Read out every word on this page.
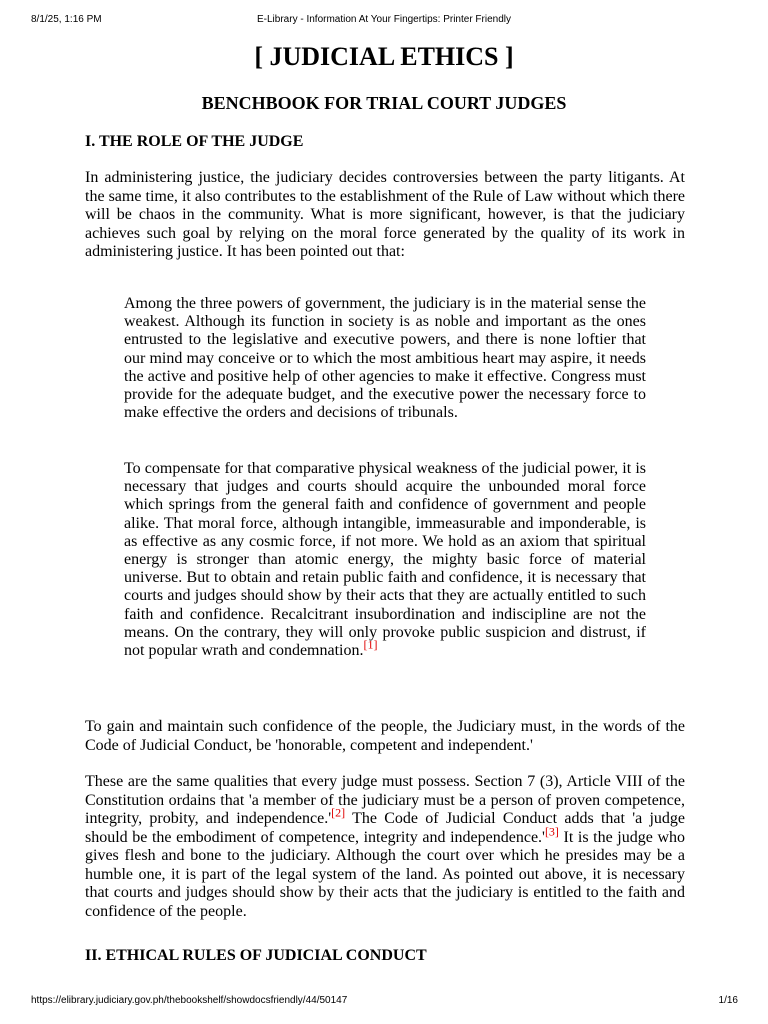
8/1/25, 1:16 PM	E-Library - Information At Your Fingertips: Printer Friendly
[ JUDICIAL ETHICS ]
BENCHBOOK FOR TRIAL COURT JUDGES
I. THE ROLE OF THE JUDGE

In administering justice, the judiciary decides controversies between the party litigants. At the same time, it also contributes to the establishment of the Rule of Law without which there will be chaos in the community. What is more significant, however, is that the judiciary achieves such goal by relying on the moral force generated by the quality of its work in administering justice. It has been pointed out that:

Among the three powers of government, the judiciary is in the material sense the weakest. Although its function in society is as noble and important as the ones entrusted to the legislative and executive powers, and there is none loftier that our mind may conceive or to which the most ambitious heart may aspire, it needs the active and positive help of other agencies to make it effective. Congress must provide for the adequate budget, and the executive power the necessary force to make effective the orders and decisions of tribunals.

To compensate for that comparative physical weakness of the judicial power, it is necessary that judges and courts should acquire the unbounded moral force which springs from the general faith and confidence of government and people alike. That moral force, although intangible, immeasurable and imponderable, is as effective as any cosmic force, if not more. We hold as an axiom that spiritual energy is stronger than atomic energy, the mighty basic force of material universe. But to obtain and retain public faith and confidence, it is necessary that courts and judges should show by their acts that they are actually entitled to such faith and confidence. Recalcitrant insubordination and indiscipline are not the means. On the contrary, they will only provoke public suspicion and distrust, if not popular wrath and condemnation.[1]

To gain and maintain such confidence of the people, the Judiciary must, in the words of the Code of Judicial Conduct, be 'honorable, competent and independent.'

These are the same qualities that every judge must possess. Section 7 (3), Article VIII of the Constitution ordains that 'a member of the judiciary must be a person of proven competence, integrity, probity, and independence.'[2] The Code of Judicial Conduct adds that 'a judge should be the embodiment of competence, integrity and independence.'[3] It is the judge who gives flesh and bone to the judiciary. Although the court over which he presides may be a humble one, it is part of the legal system of the land. As pointed out above, it is necessary that courts and judges should show by their acts that the judiciary is entitled to the faith and confidence of the people.

II. ETHICAL RULES OF JUDICIAL CONDUCT
https://elibrary.judiciary.gov.ph/thebookshelf/showdocsfriendly/44/50147	1/16
